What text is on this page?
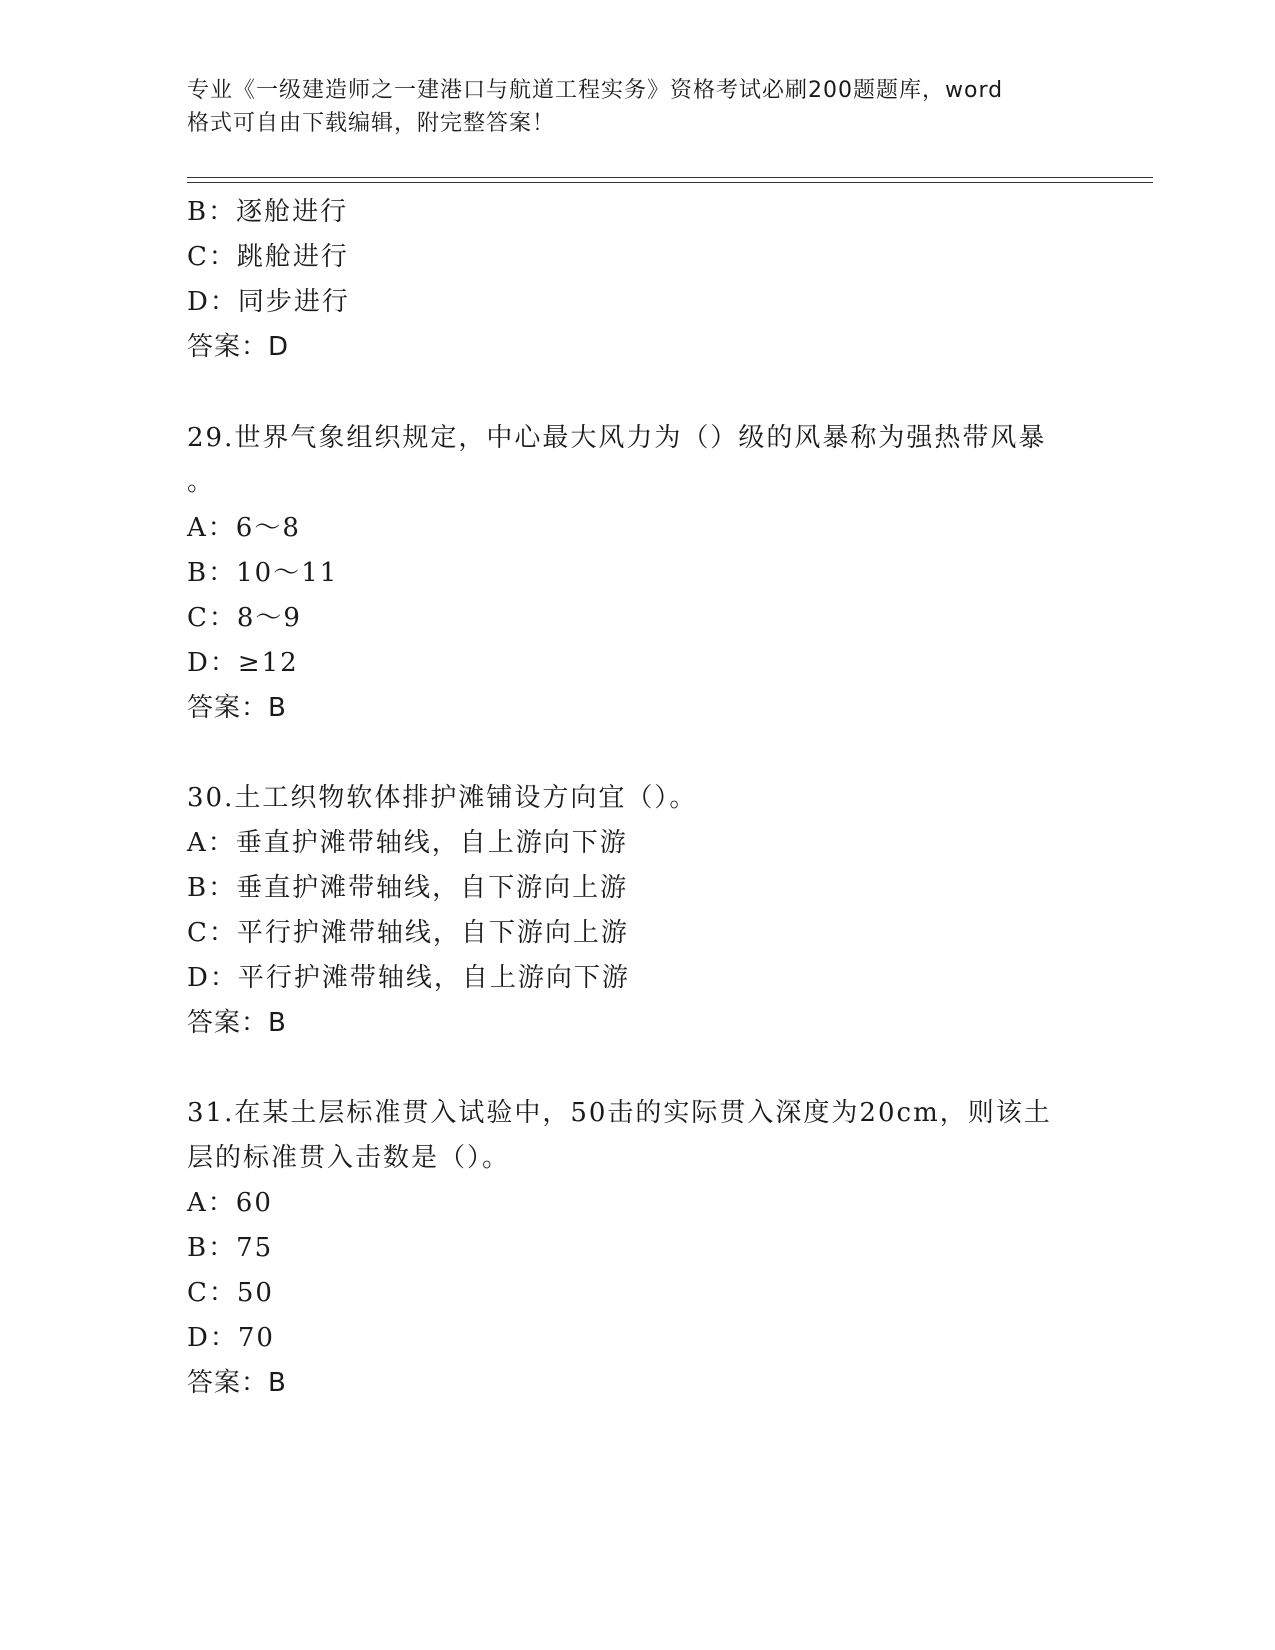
专业《一级建造师之一建港口与航道工程实务》资格考试必刷200题题库，word
格式可自由下载编辑，附完整答案！
B：逐舱进行
C：跳舱进行
D：同步进行
答案：D
29.世界气象组织规定，中心最大风力为（）级的风暴称为强热带风暴
。
A：6～8
B：10～11
C：8～9
D：≥12
答案：B
30.土工织物软体排护滩铺设方向宜（）。
A：垂直护滩带轴线，自上游向下游
B：垂直护滩带轴线，自下游向上游
C：平行护滩带轴线，自下游向上游
D：平行护滩带轴线，自上游向下游
答案：B
31.在某土层标准贯入试验中，50击的实际贯入深度为20cm，则该土
层的标准贯入击数是（）。
A：60
B：75
C：50
D：70
答案：B
